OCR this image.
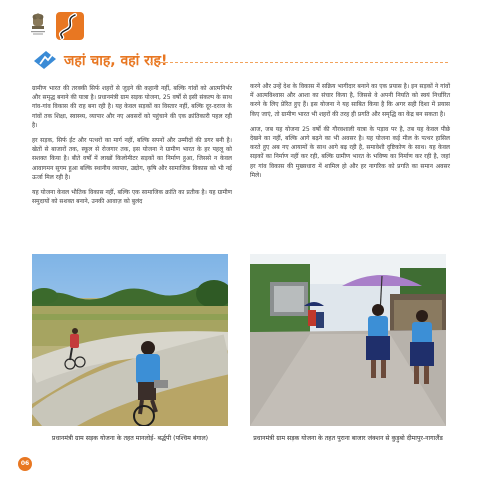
जहां चाह, वहां राह!

ग्रामीण भारत की तरक्की सिर्फ शहरों से जुड़ने की कहानी नहीं, बल्कि गांवों को आत्मनिर्भर और समृद्ध बनाने की यात्रा है। प्रधानमंत्री ग्राम सड़क योजना, 25 वर्षों से इसी संकल्प के साथ गांव-गांव विकास की राह बना रही है। यह केवल सड़कों का विस्तार नहीं, बल्कि दूर-दराज के गांवों तक शिक्षा, स्वास्थ्य, व्यापार और नए अवसरों को पहुंचाने की एक क्रांतिकारी पहल रही है।

हर सड़क, सिर्फ ईंट और पत्थरों का मार्ग नहीं, बल्कि सपनों और उम्मीदों की डगर बनी है। खेतों से बाजारों तक, स्कूल से रोजगार तक, इस योजना ने ग्रामीण भारत के हर पहलू को सशक्त किया है। बीते वर्षों में लाखों किलोमीटर सड़कों का निर्माण हुआ, जिससे न केवल आवागमन सुगम हुआ बल्कि स्थानीय व्यापार, उद्योग, कृषि और सामाजिक विकास को भी नई ऊर्जा मिल रही है।

यह योजना केवल भौतिक विकास नहीं, बल्कि एक सामाजिक क्रांति का प्रतीक है। यह ग्रामीण समुदायों को सशक्त बनाने, उनकी आवाज़ को बुलंद

करने और उन्हें देश के विकास में सक्रिय भागीदार बनाने का एक प्रयास है। इन सड़कों ने गांवों में आत्मविश्वास और आशा का संचार किया है, जिससे वे अपनी नियति को स्वयं निर्धारित करने के लिए प्रेरित हुए हैं। इस योजना ने यह साबित किया है कि अगर सही दिशा में प्रयास किए जाएं, तो ग्रामीण भारत भी शहरों की तरह ही प्रगति और समृद्धि का केंद्र बन सकता है।

आज, जब यह योजना 25 वर्षों की गौरवशाली यात्रा के पड़ाव पर है, तब यह केवल पीछे देखने का नहीं, बल्कि आगे बढ़ने का भी अवसर है। यह योजना कई मील के पत्थर हासिल करते हुए अब नए आयामों के साथ आगे बढ़ रही है, समावेशी दृष्टिकोण के साथ। यह केवल सड़कों का निर्माण नहीं कर रही, बल्कि ग्रामीण भारत के भविष्य का निर्माण कर रही है, जहां हर गांव विकास की मुख्यधारा में शामिल हो और हर नागरिक को प्रगति का समान अवसर मिले।

प्रधानमंत्री ग्राम सड़क योजना के तहत मानलोई- बर्द्धपी (पश्चिम बंगाल)	प्रधानमंत्री ग्राम सड़क योजना के तहत पुराना बाजार जंक्शन से कुड़ुबो दीमापुर-नागालैंड
06
